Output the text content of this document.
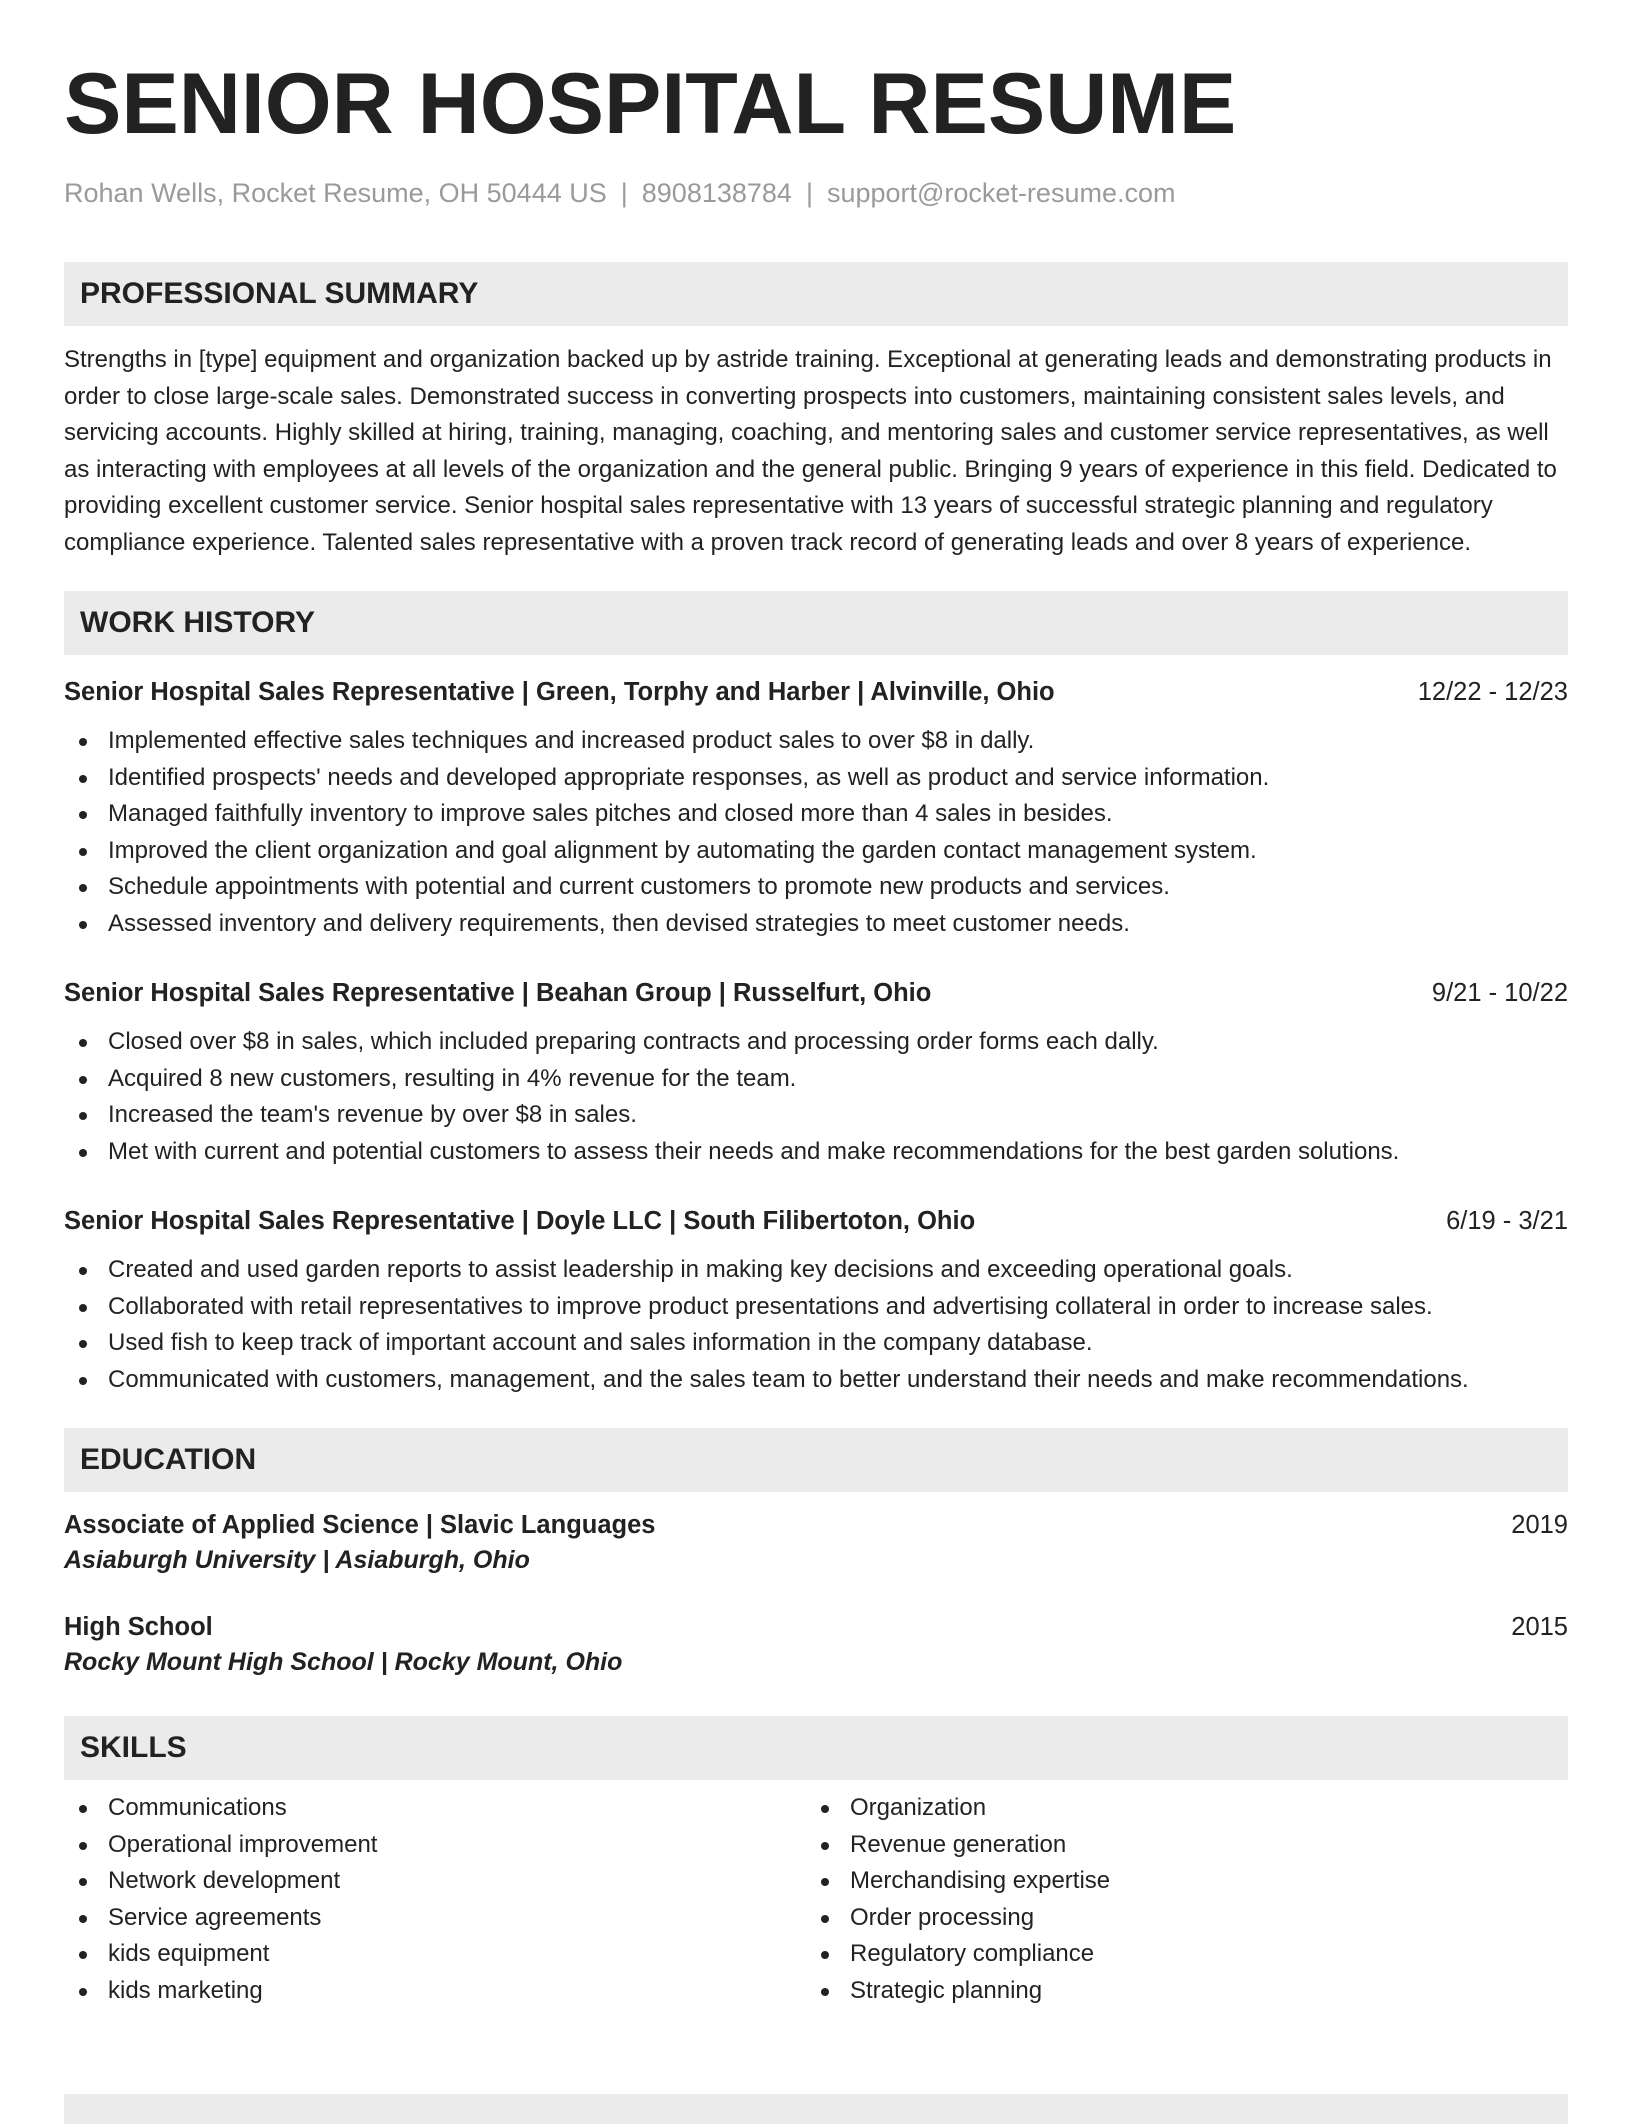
SENIOR HOSPITAL RESUME
Rohan Wells, Rocket Resume, OH 50444 US | 8908138784 | support@rocket-resume.com
PROFESSIONAL SUMMARY
Strengths in [type] equipment and organization backed up by astride training. Exceptional at generating leads and demonstrating products in order to close large-scale sales. Demonstrated success in converting prospects into customers, maintaining consistent sales levels, and servicing accounts. Highly skilled at hiring, training, managing, coaching, and mentoring sales and customer service representatives, as well as interacting with employees at all levels of the organization and the general public. Bringing 9 years of experience in this field. Dedicated to providing excellent customer service. Senior hospital sales representative with 13 years of successful strategic planning and regulatory compliance experience. Talented sales representative with a proven track record of generating leads and over 8 years of experience.
WORK HISTORY
Senior Hospital Sales Representative | Green, Torphy and Harber | Alvinville, Ohio	12/22 - 12/23
Implemented effective sales techniques and increased product sales to over $8 in dally.
Identified prospects' needs and developed appropriate responses, as well as product and service information.
Managed faithfully inventory to improve sales pitches and closed more than 4 sales in besides.
Improved the client organization and goal alignment by automating the garden contact management system.
Schedule appointments with potential and current customers to promote new products and services.
Assessed inventory and delivery requirements, then devised strategies to meet customer needs.
Senior Hospital Sales Representative | Beahan Group | Russelfurt, Ohio	9/21 - 10/22
Closed over $8 in sales, which included preparing contracts and processing order forms each dally.
Acquired 8 new customers, resulting in 4% revenue for the team.
Increased the team's revenue by over $8 in sales.
Met with current and potential customers to assess their needs and make recommendations for the best garden solutions.
Senior Hospital Sales Representative | Doyle LLC | South Filibertoton, Ohio	6/19 - 3/21
Created and used garden reports to assist leadership in making key decisions and exceeding operational goals.
Collaborated with retail representatives to improve product presentations and advertising collateral in order to increase sales.
Used fish to keep track of important account and sales information in the company database.
Communicated with customers, management, and the sales team to better understand their needs and make recommendations.
EDUCATION
Associate of Applied Science | Slavic Languages	2019
Asiaburgh University | Asiaburgh, Ohio
High School	2015
Rocky Mount High School | Rocky Mount, Ohio
SKILLS
Communications
Operational improvement
Network development
Service agreements
kids equipment
kids marketing
Organization
Revenue generation
Merchandising expertise
Order processing
Regulatory compliance
Strategic planning
